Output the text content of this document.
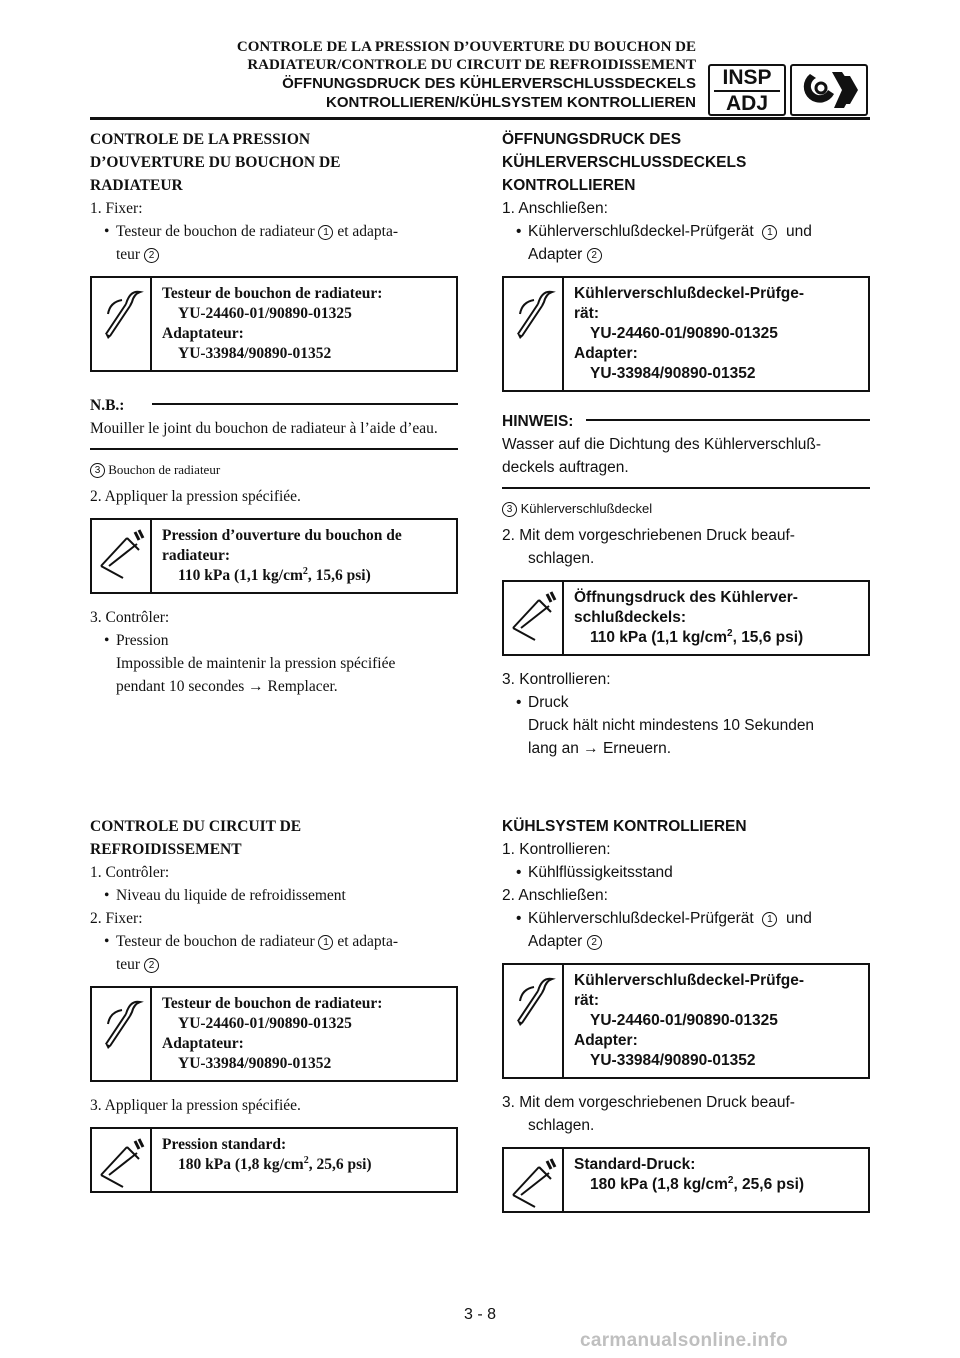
CONTROLE DE LA PRESSION D’OUVERTURE DU BOUCHON DE
RADIATEUR/CONTROLE DU CIRCUIT DE REFROIDISSEMENT
ÖFFNUNGSDRUCK DES KÜHLERVERSCHLUSSDECKELS
KONTROLLIEREN/KÜHLSYSTEM KONTROLLIEREN
INSP
ADJ
CONTROLE DE LA PRESSION
D’OUVERTURE DU BOUCHON DE
RADIATEUR
1. Fixer:
• Testeur de bouchon de radiateur 1 et adapta-
teur 2
Testeur de bouchon de radiateur:
YU-24460-01/90890-01325
Adaptateur:
YU-33984/90890-01352
N.B.:
Mouiller le joint du bouchon de radiateur à l’aide d’eau.
3 Bouchon de radiateur
2. Appliquer la pression spécifiée.
Pression d’ouverture du bouchon de
radiateur:
110 kPa (1,1 $kg/cm^2$, 15,6 psi)
3. Contrôler:
• Pression
Impossible de maintenir la pression spécifiée
pendant 10 secondes → Remplacer.
ÖFFNUNGSDRUCK DES
KÜHLERVERSCHLUSSDECKELS
KONTROLLIEREN
1. Anschließen:
• Kühlerverschlußdeckel-Prüfgerät 1 und
Adapter 2
Kühlerverschlußdeckel-Prüfge-
rät:
YU-24460-01/90890-01325
Adapter:
YU-33984/90890-01352
HINWEIS:
Wasser auf die Dichtung des Kühlerverschluß-deckels auftragen.
3 Kühlerverschlußdeckel
2. Mit dem vorgeschriebenen Druck beauf-
schlagen.
Öffnungsdruck des Kühlerver-
schlußdeckels:
110 kPa (1,1 $kg/cm^2$, 15,6 psi)
3. Kontrollieren:
• Druck
Druck hält nicht mindestens 10 Sekunden
lang an → Erneuern.
CONTROLE DU CIRCUIT DE
REFROIDISSEMENT
1. Contrôler:
• Niveau du liquide de refroidissement
2. Fixer:
• Testeur de bouchon de radiateur 1 et adapta-
teur 2
Testeur de bouchon de radiateur:
YU-24460-01/90890-01325
Adaptateur:
YU-33984/90890-01352
3. Appliquer la pression spécifiée.
Pression standard:
180 kPa (1,8 $kg/cm^2$, 25,6 psi)
KÜHLSYSTEM KONTROLLIEREN
1. Kontrollieren:
• Kühlflüssigkeitsstand
2. Anschließen:
• Kühlerverschlußdeckel-Prüfgerät 1 und
Adapter 2
Kühlerverschlußdeckel-Prüfge-
rät:
YU-24460-01/90890-01325
Adapter:
YU-33984/90890-01352
3. Mit dem vorgeschriebenen Druck beauf-
schlagen.
Standard-Druck:
180 kPa (1,8 $kg/cm^2$, 25,6 psi)
3 - 8
carmanualsonline.info
